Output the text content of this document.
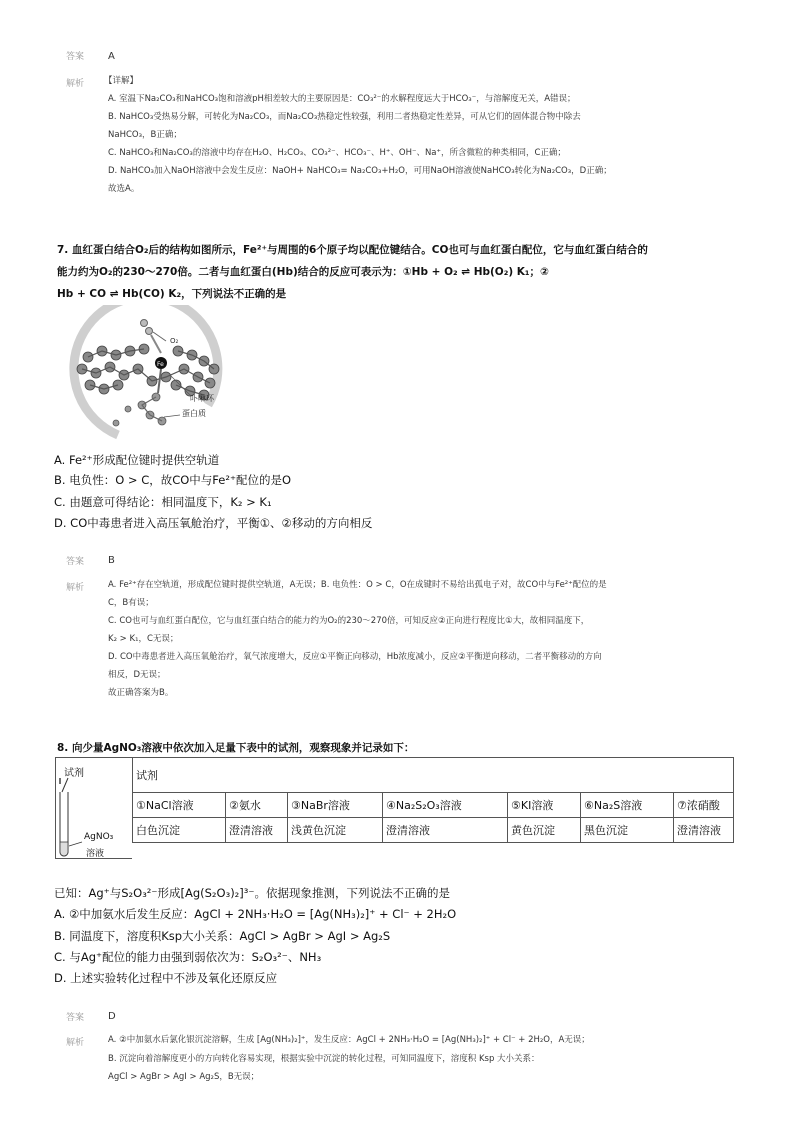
答案 A
解析 【详解】
A. 室温下Na₂CO₃和NaHCO₃饱和溶液pH相差较大的主要原因是：CO₃²⁻的水解程度远大于HCO₃⁻，与溶解度无关，A错误；
B. NaHCO₃受热易分解，可转化为Na₂CO₃，而Na₂CO₃热稳定性较强，利用二者热稳定性差异，可从它们的固体混合物中除去
NaHCO₃，B正确；
C. NaHCO₃和Na₂CO₃的溶液中均存在H₂O、H₂CO₃、CO₃²⁻、HCO₃⁻、H⁺、OH⁻、Na⁺，所含微粒的种类相同，C正确；
D. NaHCO₃加入NaOH溶液中会发生反应：NaOH+ NaHCO₃= Na₂CO₃+H₂O，可用NaOH溶液使NaHCO₃转化为Na₂CO₃，D正确；
故选A。
7. 血红蛋白结合O₂后的结构如图所示，Fe²⁺与周围的6个原子均以配位键结合。CO也可与血红蛋白配位，它与血红蛋白结合的
能力约为O₂的230～270倍。二者与血红蛋白(Hb)结合的反应可表示为：①Hb + O₂ ⇌ Hb(O₂) K₁；②
Hb + CO ⇌ Hb(CO) K₂，下列说法不正确的是
O₂
Fe
卟啉环
蛋白质
A. Fe²⁺形成配位键时提供空轨道
B. 电负性：O > C，故CO中与Fe²⁺配位的是O
C. 由题意可得结论：相同温度下，K₂ > K₁
D. CO中毒患者进入高压氧舱治疗，平衡①、②移动的方向相反
答案 B
解析	A. Fe²⁺存在空轨道，形成配位键时提供空轨道，A无误；B. 电负性：O > C，O在成键时不易给出孤电子对，故CO中与Fe²⁺配位的是
C，B有误；
C. CO也可与血红蛋白配位，它与血红蛋白结合的能力约为O₂的230～270倍，可知反应②正向进行程度比①大，故相同温度下，
K₂ > K₁，C无误；
D. CO中毒患者进入高压氧舱治疗，氧气浓度增大，反应①平衡正向移动，Hb浓度减小，反应②平衡逆向移动，二者平衡移动的方向
相反，D无误；
故正确答案为B。
8. 向少量AgNO₃溶液中依次加入足量下表中的试剂，观察现象并记录如下：
试剂
AgNO₃
溶液
试剂						
①NaCl溶液	②氨水	③NaBr溶液	④Na₂S₂O₃溶液	⑤KI溶液	⑥Na₂S溶液	⑦浓硝酸
白色沉淀	澄清溶液	浅黄色沉淀	澄清溶液	黄色沉淀	黑色沉淀	澄清溶液
已知：Ag⁺与S₂O₃²⁻形成[Ag(S₂O₃)₂]³⁻。依据现象推测，下列说法不正确的是
A. ②中加氨水后发生反应：AgCl + 2NH₃·H₂O = [Ag(NH₃)₂]⁺ + Cl⁻ + 2H₂O
B. 同温度下，溶度积Ksp大小关系：AgCl > AgBr > AgI > Ag₂S
C. 与Ag⁺配位的能力由强到弱依次为：S₂O₃²⁻、NH₃
D. 上述实验转化过程中不涉及氧化还原反应
答案 D
解析	A. ②中加氨水后氯化银沉淀溶解，生成 [Ag(NH₃)₂]⁺，发生反应：AgCl + 2NH₃·H₂O = [Ag(NH₃)₂]⁺ + Cl⁻ + 2H₂O，A无误；
B. 沉淀向着溶解度更小的方向转化容易实现，根据实验中沉淀的转化过程，可知同温度下，溶度积 Ksp 大小关系：
AgCl > AgBr > AgI > Ag₂S，B无误；
